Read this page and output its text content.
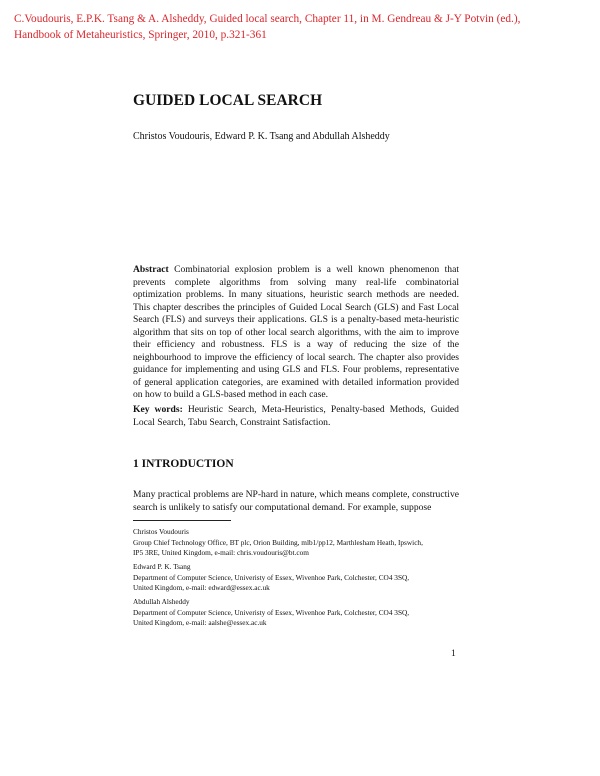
C.Voudouris, E.P.K. Tsang & A. Alsheddy, Guided local search, Chapter 11, in M. Gendreau & J-Y Potvin (ed.),
Handbook of Metaheuristics, Springer, 2010, p.321-361
GUIDED LOCAL SEARCH
Christos Voudouris, Edward P. K. Tsang and Abdullah Alsheddy
Abstract Combinatorial explosion problem is a well known phenomenon that prevents complete algorithms from solving many real-life combinatorial optimization problems. In many situations, heuristic search methods are needed. This chapter describes the principles of Guided Local Search (GLS) and Fast Local Search (FLS) and surveys their applications. GLS is a penalty-based meta-heuristic algorithm that sits on top of other local search algorithms, with the aim to improve their efficiency and robustness. FLS is a way of reducing the size of the neighbourhood to improve the efficiency of local search. The chapter also provides guidance for implementing and using GLS and FLS. Four problems, representative of general application categories, are examined with detailed information provided on how to build a GLS-based method in each case.
Key words: Heuristic Search, Meta-Heuristics, Penalty-based Methods, Guided Local Search, Tabu Search, Constraint Satisfaction.
1 INTRODUCTION
Many practical problems are NP-hard in nature, which means complete, constructive search is unlikely to satisfy our computational demand. For example, suppose
Christos Voudouris
Group Chief Technology Office, BT plc, Orion Building, mlb1/pp12, Marthlesham Heath, Ipswich,
IP5 3RE, United Kingdom, e-mail: chris.voudouris@bt.com
Edward P. K. Tsang
Department of Computer Science, Univeristy of Essex, Wivenhoe Park, Colchester, CO4 3SQ,
United Kingdom, e-mail: edward@essex.ac.uk
Abdullah Alsheddy
Department of Computer Science, Univeristy of Essex, Wivenhoe Park, Colchester, CO4 3SQ,
United Kingdom, e-mail: aalshe@essex.ac.uk
1
